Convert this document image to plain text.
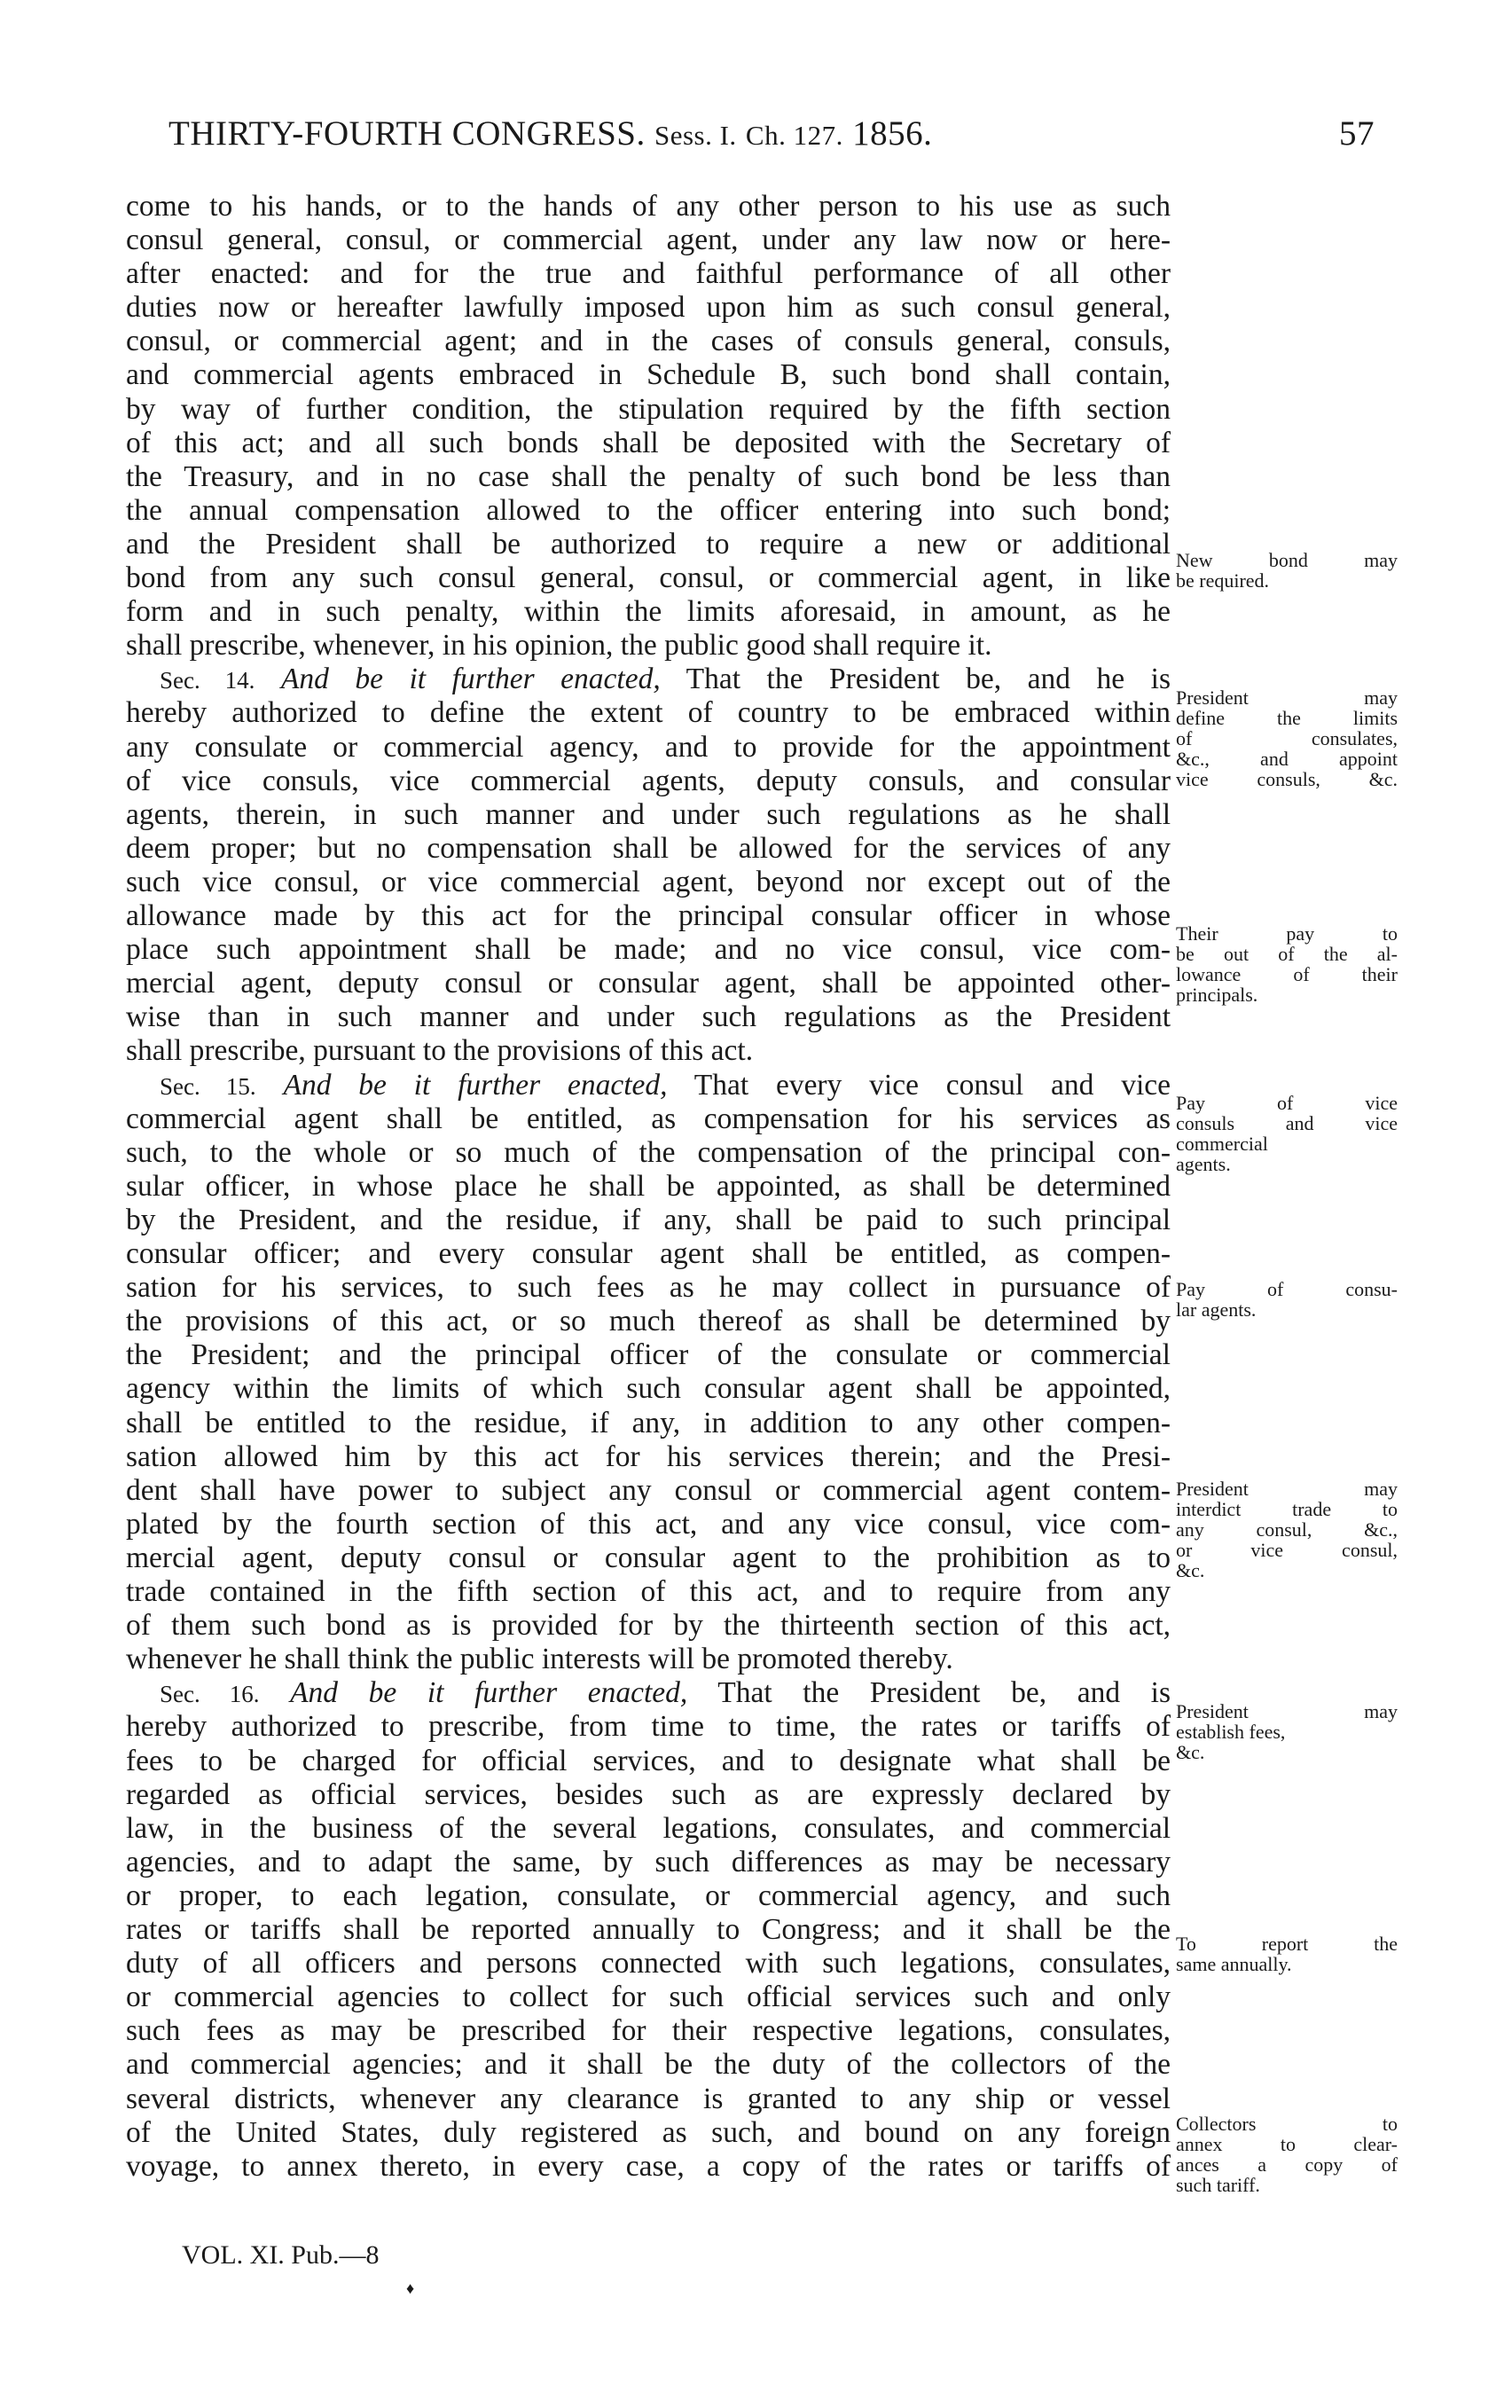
THIRTY-FOURTH CONGRESS. Sess. I. Ch. 127. 1856.	57
come to his hands, or to the hands of any other person to his use as such
consul general, consul, or commercial agent, under any law now or here-
after enacted: and for the true and faithful performance of all other
duties now or hereafter lawfully imposed upon him as such consul general,
consul, or commercial agent; and in the cases of consuls general, consuls,
and commercial agents embraced in Schedule B, such bond shall contain,
by way of further condition, the stipulation required by the fifth section
of this act; and all such bonds shall be deposited with the Secretary of
the Treasury, and in no case shall the penalty of such bond be less than
the annual compensation allowed to the officer entering into such bond;
and the President shall be authorized to require a new or additional
bond from any such consul general, consul, or commercial agent, in like
form and in such penalty, within the limits aforesaid, in amount, as he
shall prescribe, whenever, in his opinion, the public good shall require it.
Sec. 14. And be it further enacted, That the President be, and he is
hereby authorized to define the extent of country to be embraced within
any consulate or commercial agency, and to provide for the appointment
of vice consuls, vice commercial agents, deputy consuls, and consular
agents, therein, in such manner and under such regulations as he shall
deem proper; but no compensation shall be allowed for the services of any
such vice consul, or vice commercial agent, beyond nor except out of the
allowance made by this act for the principal consular officer in whose
place such appointment shall be made; and no vice consul, vice com-
mercial agent, deputy consul or consular agent, shall be appointed other-
wise than in such manner and under such regulations as the President
shall prescribe, pursuant to the provisions of this act.
Sec. 15. And be it further enacted, That every vice consul and vice
commercial agent shall be entitled, as compensation for his services as
such, to the whole or so much of the compensation of the principal con-
sular officer, in whose place he shall be appointed, as shall be determined
by the President, and the residue, if any, shall be paid to such principal
consular officer; and every consular agent shall be entitled, as compen-
sation for his services, to such fees as he may collect in pursuance of
the provisions of this act, or so much thereof as shall be determined by
the President; and the principal officer of the consulate or commercial
agency within the limits of which such consular agent shall be appointed,
shall be entitled to the residue, if any, in addition to any other compen-
sation allowed him by this act for his services therein; and the Presi-
dent shall have power to subject any consul or commercial agent contem-
plated by the fourth section of this act, and any vice consul, vice com-
mercial agent, deputy consul or consular agent to the prohibition as to
trade contained in the fifth section of this act, and to require from any
of them such bond as is provided for by the thirteenth section of this act,
whenever he shall think the public interests will be promoted thereby.
Sec. 16. And be it further enacted, That the President be, and is
hereby authorized to prescribe, from time to time, the rates or tariffs of
fees to be charged for official services, and to designate what shall be
regarded as official services, besides such as are expressly declared by
law, in the business of the several legations, consulates, and commercial
agencies, and to adapt the same, by such differences as may be necessary
or proper, to each legation, consulate, or commercial agency, and such
rates or tariffs shall be reported annually to Congress; and it shall be the
duty of all officers and persons connected with such legations, consulates,
or commercial agencies to collect for such official services such and only
such fees as may be prescribed for their respective legations, consulates,
and commercial agencies; and it shall be the duty of the collectors of the
several districts, whenever any clearance is granted to any ship or vessel
of the United States, duly registered as such, and bound on any foreign
voyage, to annex thereto, in every case, a copy of the rates or tariffs of
New bond may
be required.
President may
define the limits
of consulates,
&c., and appoint
vice consuls, &c.
Their pay to
be out of the al-
lowance of their
principals.
Pay of vice
consuls and vice
commercial
agents.
Pay of consu-
lar agents.
President may
interdict trade to
any consul, &c.,
or vice consul,
&c.
President may
establish fees,
&c.
To report the
same annually.
Collectors to
annex to clear-
ances a copy of
such tariff.
VOL. XI. Pub.—8
♦
